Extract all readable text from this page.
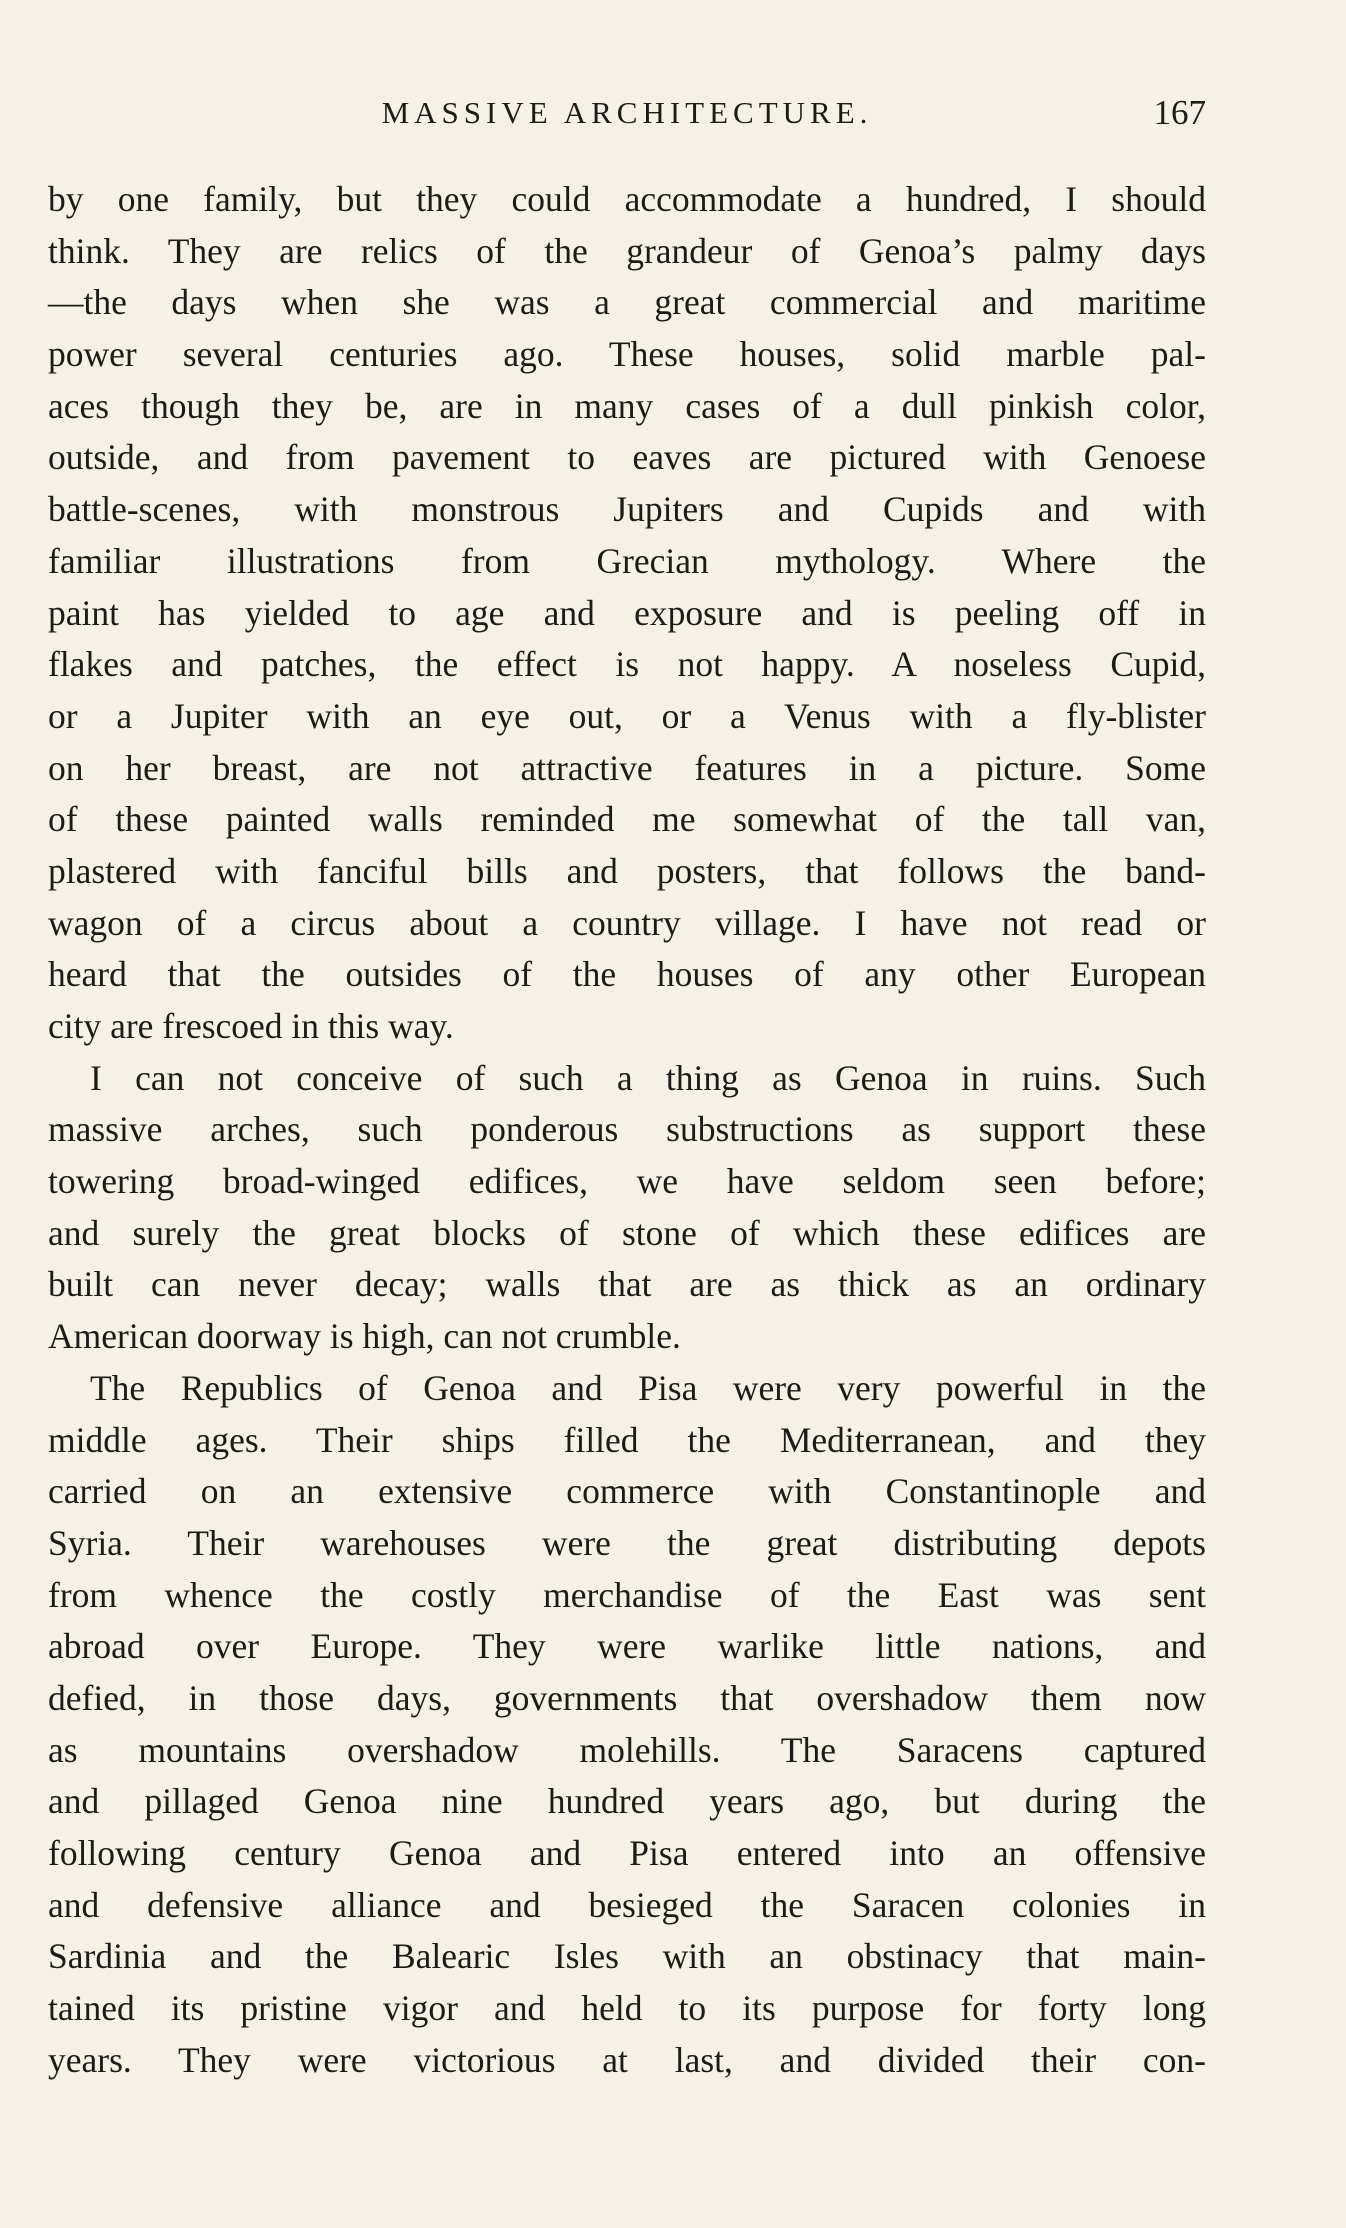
MASSIVE ARCHITECTURE.	167
by one family, but they could accommodate a hundred, I should
think. They are relics of the grandeur of Genoa’s palmy days
—the days when she was a great commercial and maritime
power several centuries ago. These houses, solid marble pal-
aces though they be, are in many cases of a dull pinkish color,
outside, and from pavement to eaves are pictured with Genoese
battle-scenes, with monstrous Jupiters and Cupids and with
familiar illustrations from Grecian mythology. Where the
paint has yielded to age and exposure and is peeling off in
flakes and patches, the effect is not happy. A noseless Cupid,
or a Jupiter with an eye out, or a Venus with a fly-blister
on her breast, are not attractive features in a picture. Some
of these painted walls reminded me somewhat of the tall van,
plastered with fanciful bills and posters, that follows the band-
wagon of a circus about a country village. I have not read or
heard that the outsides of the houses of any other European
city are frescoed in this way.
I can not conceive of such a thing as Genoa in ruins. Such
massive arches, such ponderous substructions as support these
towering broad-winged edifices, we have seldom seen before;
and surely the great blocks of stone of which these edifices are
built can never decay; walls that are as thick as an ordinary
American doorway is high, can not crumble.
The Republics of Genoa and Pisa were very powerful in the
middle ages. Their ships filled the Mediterranean, and they
carried on an extensive commerce with Constantinople and
Syria. Their warehouses were the great distributing depots
from whence the costly merchandise of the East was sent
abroad over Europe. They were warlike little nations, and
defied, in those days, governments that overshadow them now
as mountains overshadow molehills. The Saracens captured
and pillaged Genoa nine hundred years ago, but during the
following century Genoa and Pisa entered into an offensive
and defensive alliance and besieged the Saracen colonies in
Sardinia and the Balearic Isles with an obstinacy that main-
tained its pristine vigor and held to its purpose for forty long
years. They were victorious at last, and divided their con-
